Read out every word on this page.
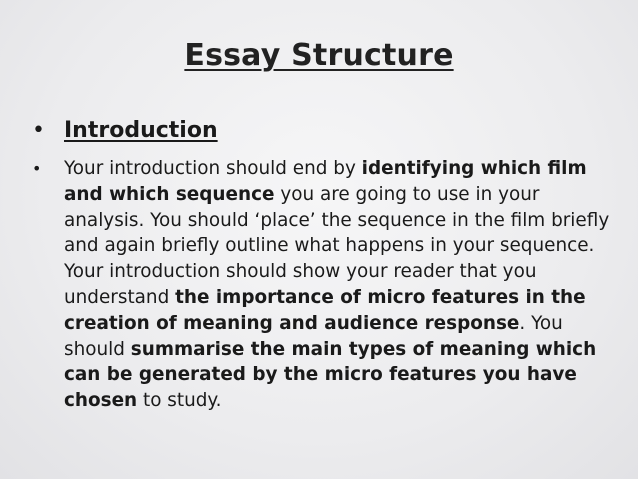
Essay Structure
• Introduction
• Your introduction should end by identifying which film and which sequence you are going to use in your analysis. You should ‘place’ the sequence in the film briefly and again briefly outline what happens in your sequence. Your introduction should show your reader that you understand the importance of micro features in the creation of meaning and audience response. You should summarise the main types of meaning which can be generated by the micro features you have chosen to study.
